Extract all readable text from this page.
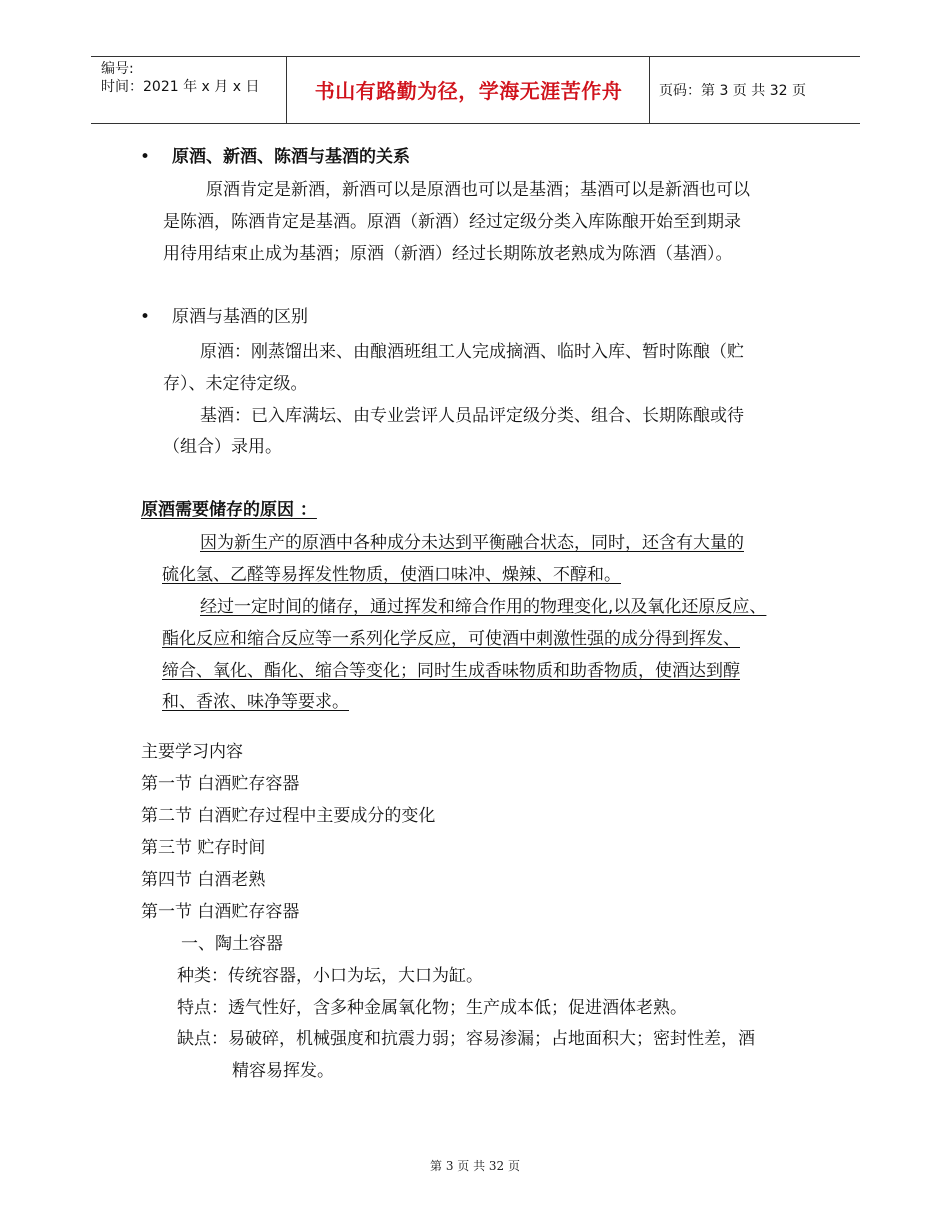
编号:
时间：2021 年 x 月 x 日	书山有路勤为径，学海无涯苦作舟	页码：第 3 页 共 32 页
• 原酒、新酒、陈酒与基酒的关系
原酒肯定是新酒，新酒可以是原酒也可以是基酒；基酒可以是新酒也可以
是陈酒，陈酒肯定是基酒。原酒（新酒）经过定级分类入库陈酿开始至到期录
用待用结束止成为基酒；原酒（新酒）经过长期陈放老熟成为陈酒（基酒）。
• 原酒与基酒的区别
原酒：刚蒸馏出来、由酿酒班组工人完成摘酒、临时入库、暂时陈酿（贮
存）、未定待定级。
基酒：已入库满坛、由专业尝评人员品评定级分类、组合、长期陈酿或待
（组合）录用。
原酒需要储存的原因 ：
因为新生产的原酒中各种成分未达到平衡融合状态，同时，还含有大量的
硫化氢、乙醛等易挥发性物质，使酒口味冲、燥辣、不醇和。
经过一定时间的储存，通过挥发和缔合作用的物理变化,以及氧化还原反应、
酯化反应和缩合反应等一系列化学反应，可使酒中刺激性强的成分得到挥发、
缔合、氧化、酯化、缩合等变化；同时生成香味物质和助香物质，使酒达到醇
和、香浓、味净等要求。
主要学习内容
第一节 白酒贮存容器
第二节 白酒贮存过程中主要成分的变化
第三节 贮存时间
第四节 白酒老熟
第一节 白酒贮存容器
一、陶土容器
种类：传统容器，小口为坛，大口为缸。
特点：透气性好，含多种金属氧化物；生产成本低；促进酒体老熟。
缺点：易破碎，机械强度和抗震力弱；容易渗漏；占地面积大；密封性差，酒
精容易挥发。
第 3 页 共 32 页
